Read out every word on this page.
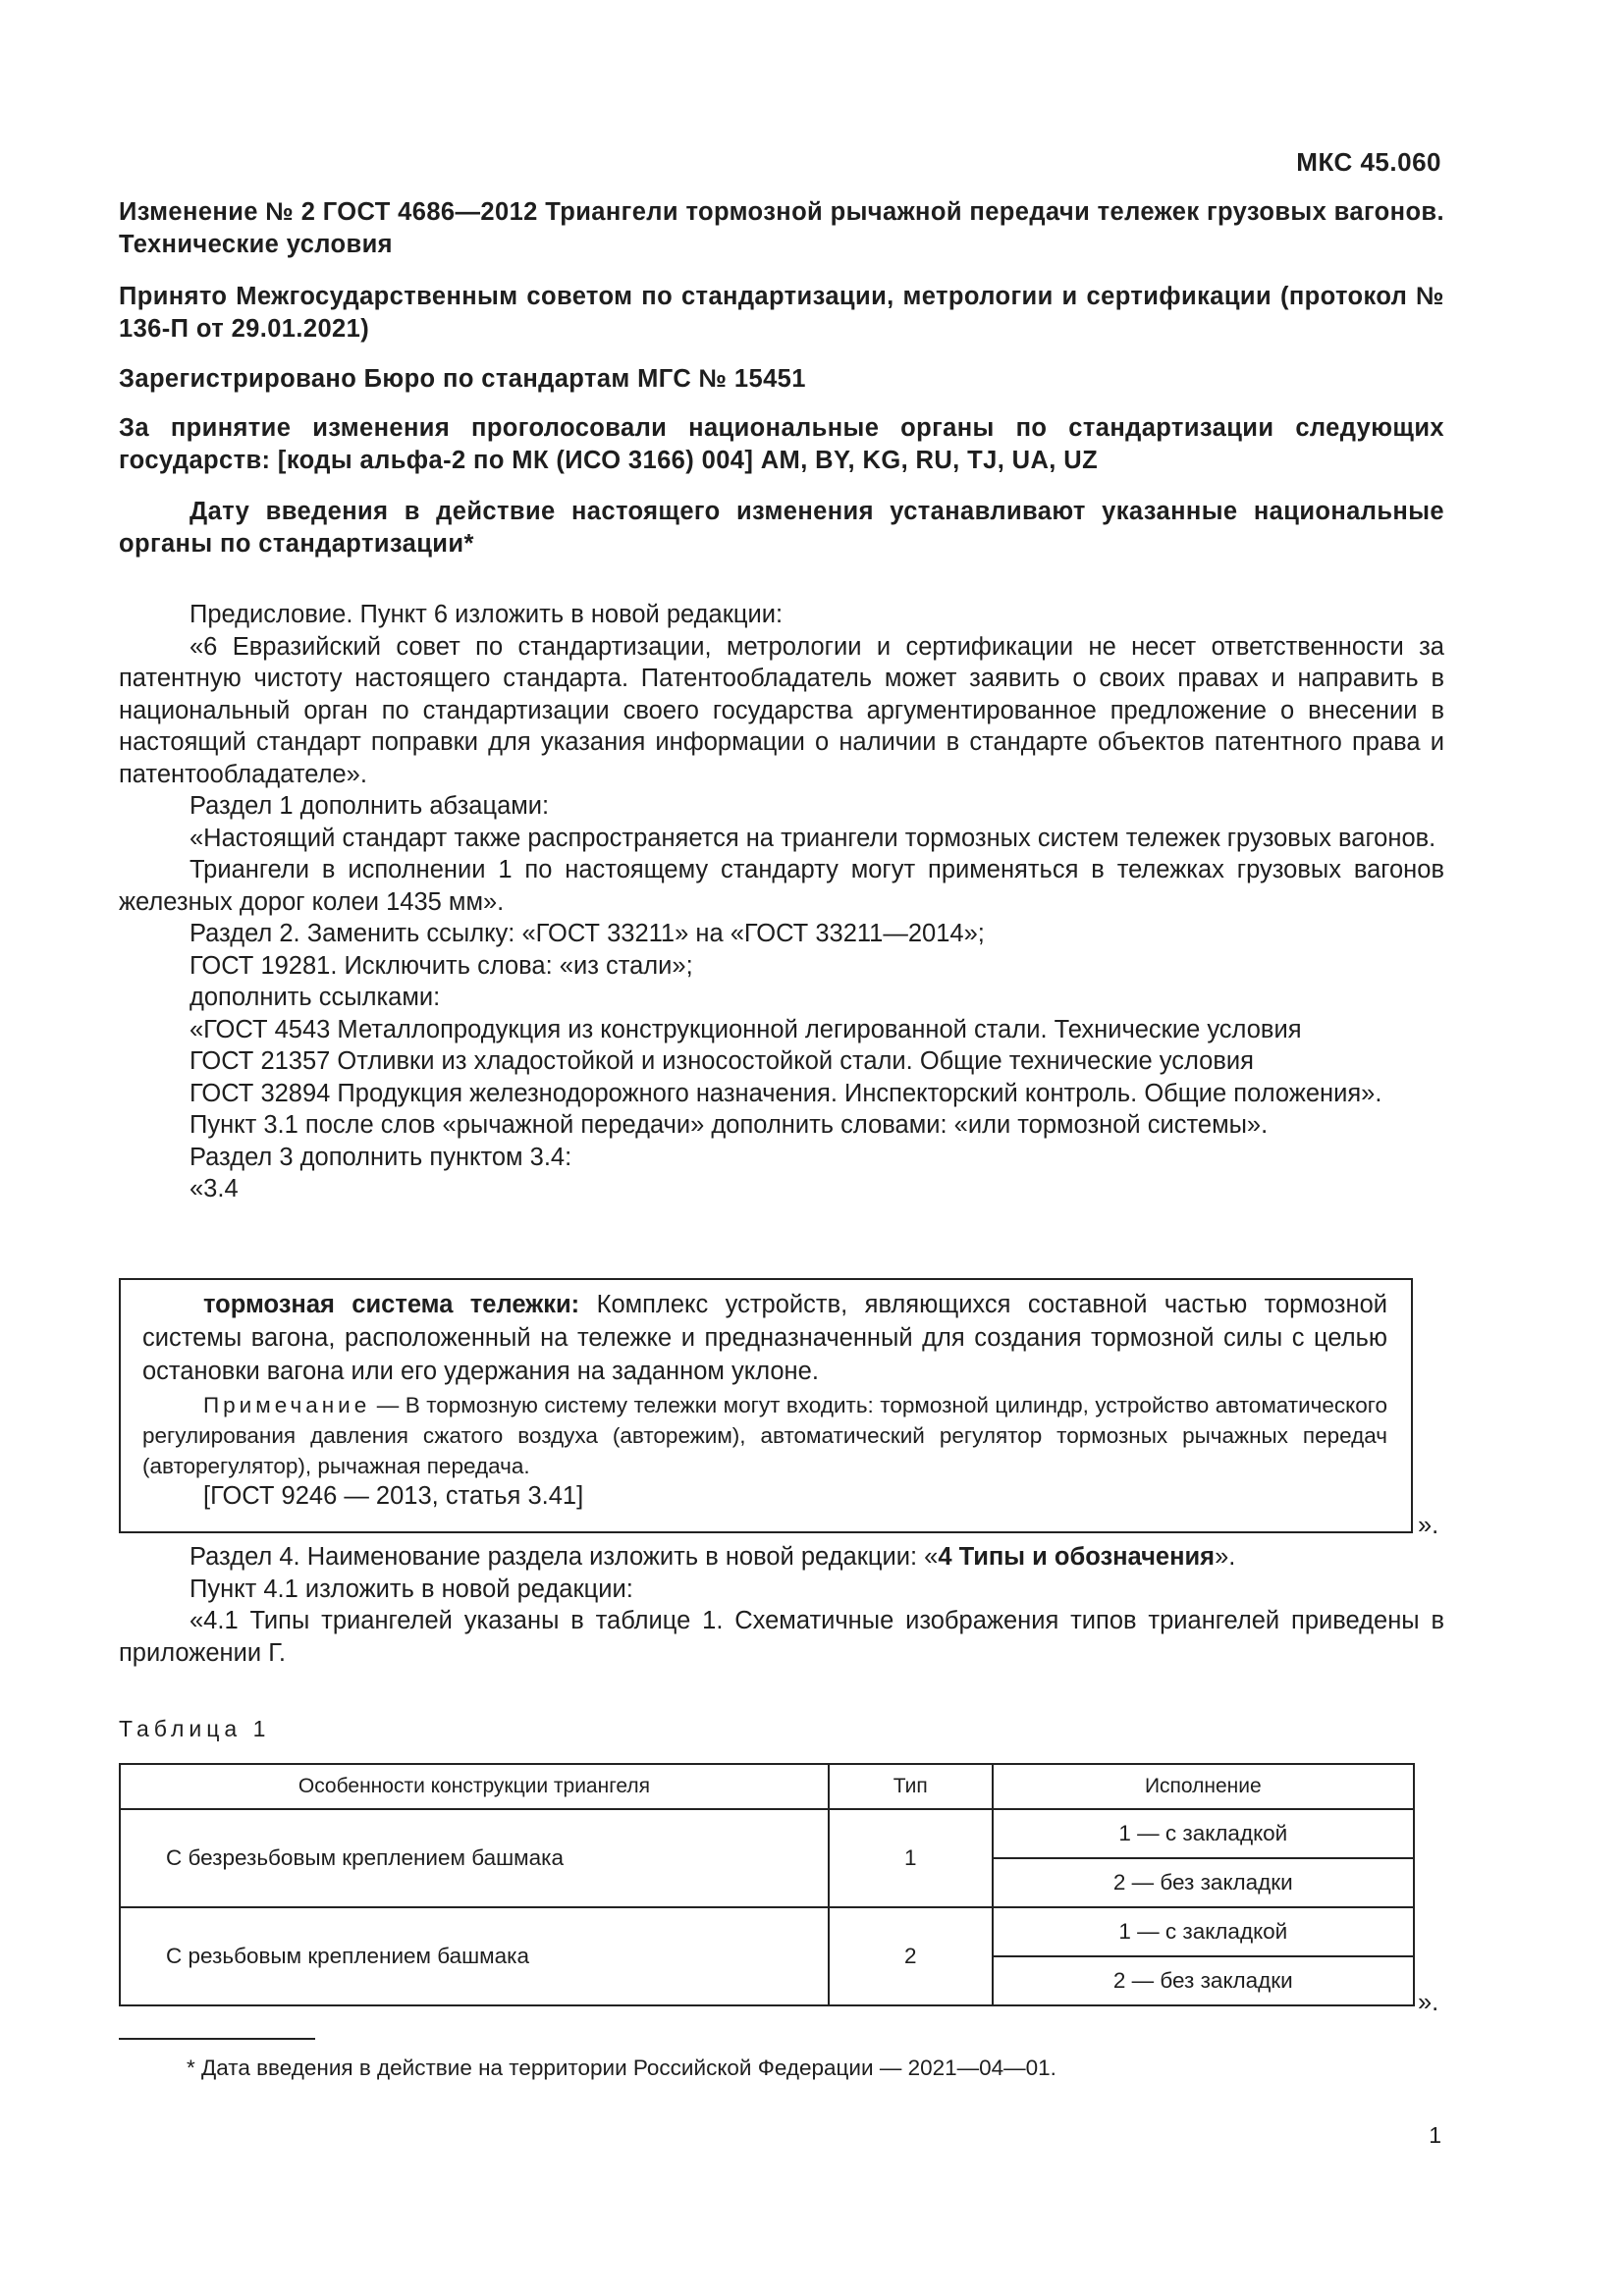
МКС 45.060
Изменение № 2 ГОСТ 4686—2012 Триангели тормозной рычажной передачи тележек грузовых вагонов. Технические условия
Принято Межгосударственным советом по стандартизации, метрологии и сертификации (протокол № 136-П от 29.01.2021)
Зарегистрировано Бюро по стандартам МГС № 15451
За принятие изменения проголосовали национальные органы по стандартизации следующих государств: [коды альфа-2 по МК (ИСО 3166) 004] AM, BY, KG, RU, TJ, UA, UZ
Дату введения в действие настоящего изменения устанавливают указанные национальные органы по стандартизации*

Предисловие. Пункт 6 изложить в новой редакции:

«6 Евразийский совет по стандартизации, метрологии и сертификации не несет ответственности за патентную чистоту настоящего стандарта. Патентообладатель может заявить о своих правах и направить в национальный орган по стандартизации своего государства аргументированное предложение о внесении в настоящий стандарт поправки для указания информации о наличии в стандарте объектов патентного права и патентообладателе».

Раздел 1 дополнить абзацами:

«Настоящий стандарт также распространяется на триангели тормозных систем тележек грузовых вагонов.

Триангели в исполнении 1 по настоящему стандарту могут применяться в тележках грузовых вагонов железных дорог колеи 1435 мм».

Раздел 2. Заменить ссылку: «ГОСТ 33211» на «ГОСТ 33211—2014»;

ГОСТ 19281. Исключить слова: «из стали»;

дополнить ссылками:

«ГОСТ 4543 Металлопродукция из конструкционной легированной стали. Технические условия

ГОСТ 21357 Отливки из хладостойкой и износостойкой стали. Общие технические условия

ГОСТ 32894 Продукция железнодорожного назначения. Инспекторский контроль. Общие положения».

Пункт 3.1 после слов «рычажной передачи» дополнить словами: «или тормозной системы».

Раздел 3 дополнить пунктом 3.4:

«3.4

тормозная система тележки: Комплекс устройств, являющихся составной частью тормозной системы вагона, расположенный на тележке и предназначенный для создания тормозной силы с целью остановки вагона или его удержания на заданном уклоне.

Примечание — В тормозную систему тележки могут входить: тормозной цилиндр, устройство автоматического регулирования давления сжатого воздуха (авторежим), автоматический регулятор тормозных рычажных передач (авторегулятор), рычажная передача.

[ГОСТ 9246 — 2013, статья 3.41]

».

Раздел 4. Наименование раздела изложить в новой редакции: «4 Типы и обозначения».

Пункт 4.1 изложить в новой редакции:

«4.1 Типы триангелей указаны в таблице 1. Схематичные изображения типов триангелей приведены в приложении Г.

Таблица 1
Особенности конструкции триангеля	Тип	Исполнение
С безрезьбовым креплением башмака	1	1 — с закладкой
		2 — без закладки
С резьбовым креплением башмака	2	1 — с закладкой
		2 — без закладки
».
* Дата введения в действие на территории Российской Федерации — 2021—04—01.
1
